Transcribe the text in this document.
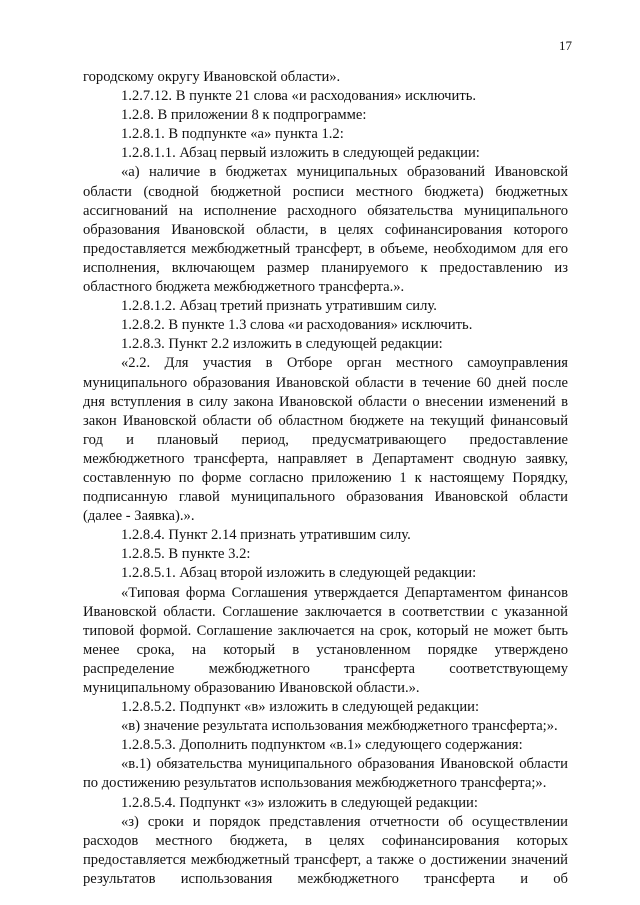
17

городскому округу Ивановской области».

1.2.7.12. В пункте 21 слова «и расходования» исключить.

1.2.8. В приложении 8 к подпрограмме:

1.2.8.1. В подпункте «а» пункта 1.2:

1.2.8.1.1. Абзац первый изложить в следующей редакции:

«а) наличие в бюджетах муниципальных образований Ивановской области (сводной бюджетной росписи местного бюджета) бюджетных ассигнований на исполнение расходного обязательства муниципального образования Ивановской области, в целях софинансирования которого предоставляется межбюджетный трансферт, в объеме, необходимом для его исполнения, включающем размер планируемого к предоставлению из областного бюджета межбюджетного трансферта.».

1.2.8.1.2. Абзац третий признать утратившим силу.

1.2.8.2. В пункте 1.3 слова «и расходования» исключить.

1.2.8.3. Пункт 2.2 изложить в следующей редакции:

«2.2. Для участия в Отборе орган местного самоуправления муниципального образования Ивановской области в течение 60 дней после дня вступления в силу закона Ивановской области о внесении изменений в закон Ивановской области об областном бюджете на текущий финансовый год и плановый период, предусматривающего предоставление межбюджетного трансферта, направляет в Департамент сводную заявку, составленную по форме согласно приложению 1 к настоящему Порядку, подписанную главой муниципального образования Ивановской области (далее - Заявка).».

1.2.8.4. Пункт 2.14 признать утратившим силу.

1.2.8.5. В пункте 3.2:

1.2.8.5.1. Абзац второй изложить в следующей редакции:

«Типовая форма Соглашения утверждается Департаментом финансов Ивановской области. Соглашение заключается в соответствии с указанной типовой формой. Соглашение заключается на срок, который не может быть менее срока, на который в установленном порядке утверждено распределение межбюджетного трансферта соответствующему муниципальному образованию Ивановской области.».

1.2.8.5.2. Подпункт «в» изложить в следующей редакции:

«в) значение результата использования межбюджетного трансферта;».

1.2.8.5.3. Дополнить подпунктом «в.1» следующего содержания:

«в.1) обязательства муниципального образования Ивановской области по достижению результатов использования межбюджетного трансферта;».

1.2.8.5.4. Подпункт «з» изложить в следующей редакции:

«з) сроки и порядок представления отчетности об осуществлении расходов местного бюджета, в целях софинансирования которых предоставляется межбюджетный трансферт, а также о достижении значений результатов использования межбюджетного трансферта и об
